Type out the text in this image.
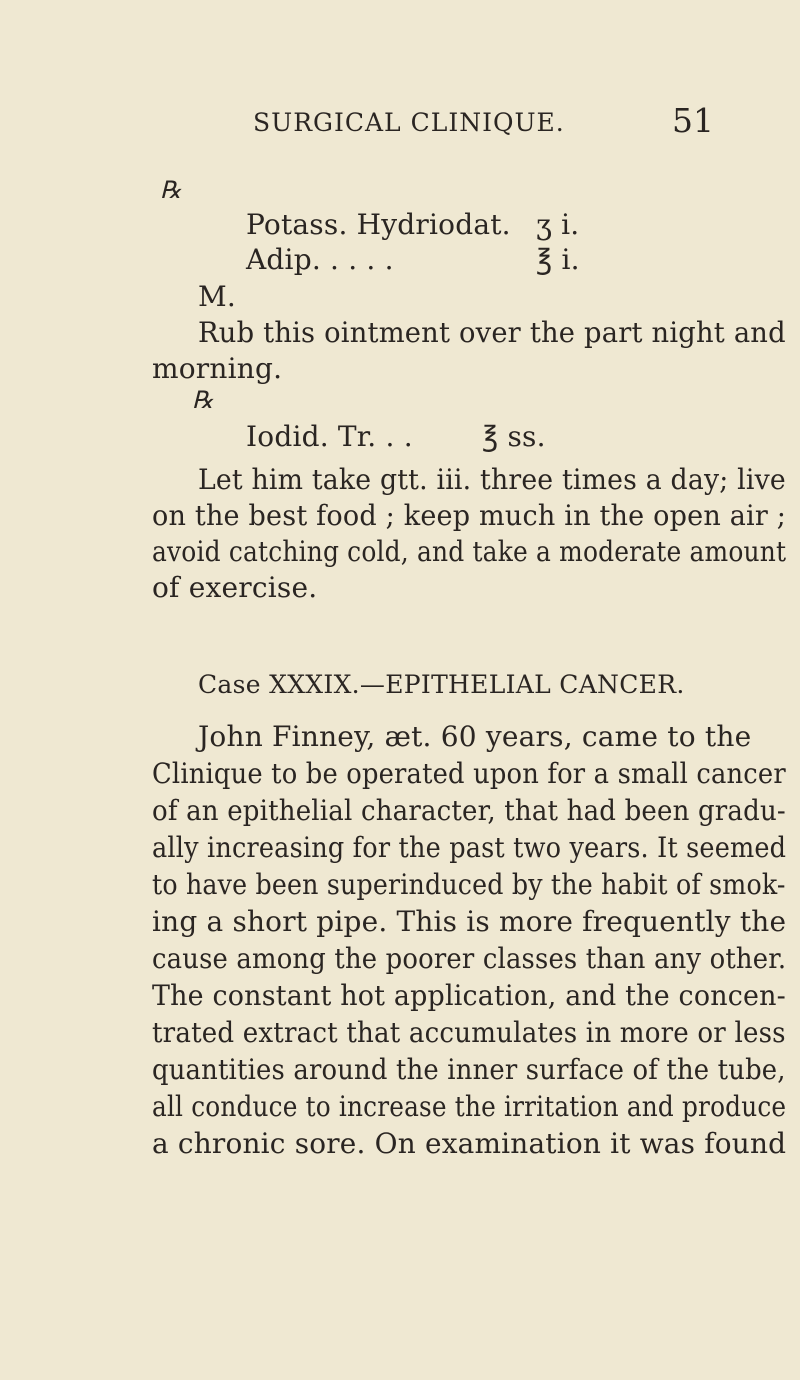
SURGICAL CLINIQUE.	51
℞
Potass. Hydriodat. ʒ i.
Adip. . . . .	℥ i.
M.
Rub this ointment over the part night and
morning.
℞
Iodid. Tr. . . ℥ ss.
Let him take gtt. iii. three times a day; live
on the best food ; keep much in the open air ;
avoid catching cold, and take a moderate amount
of exercise.
Case XXXIX.—EPITHELIAL CANCER.
John Finney, æt. 60 years, came to the
Clinique to be operated upon for a small cancer
of an epithelial character, that had been gradu-
ally increasing for the past two years. It seemed
to have been superinduced by the habit of smok-
ing a short pipe. This is more frequently the
cause among the poorer classes than any other.
The constant hot application, and the concen-
trated extract that accumulates in more or less
quantities around the inner surface of the tube,
all conduce to increase the irritation and produce
a chronic sore. On examination it was found
